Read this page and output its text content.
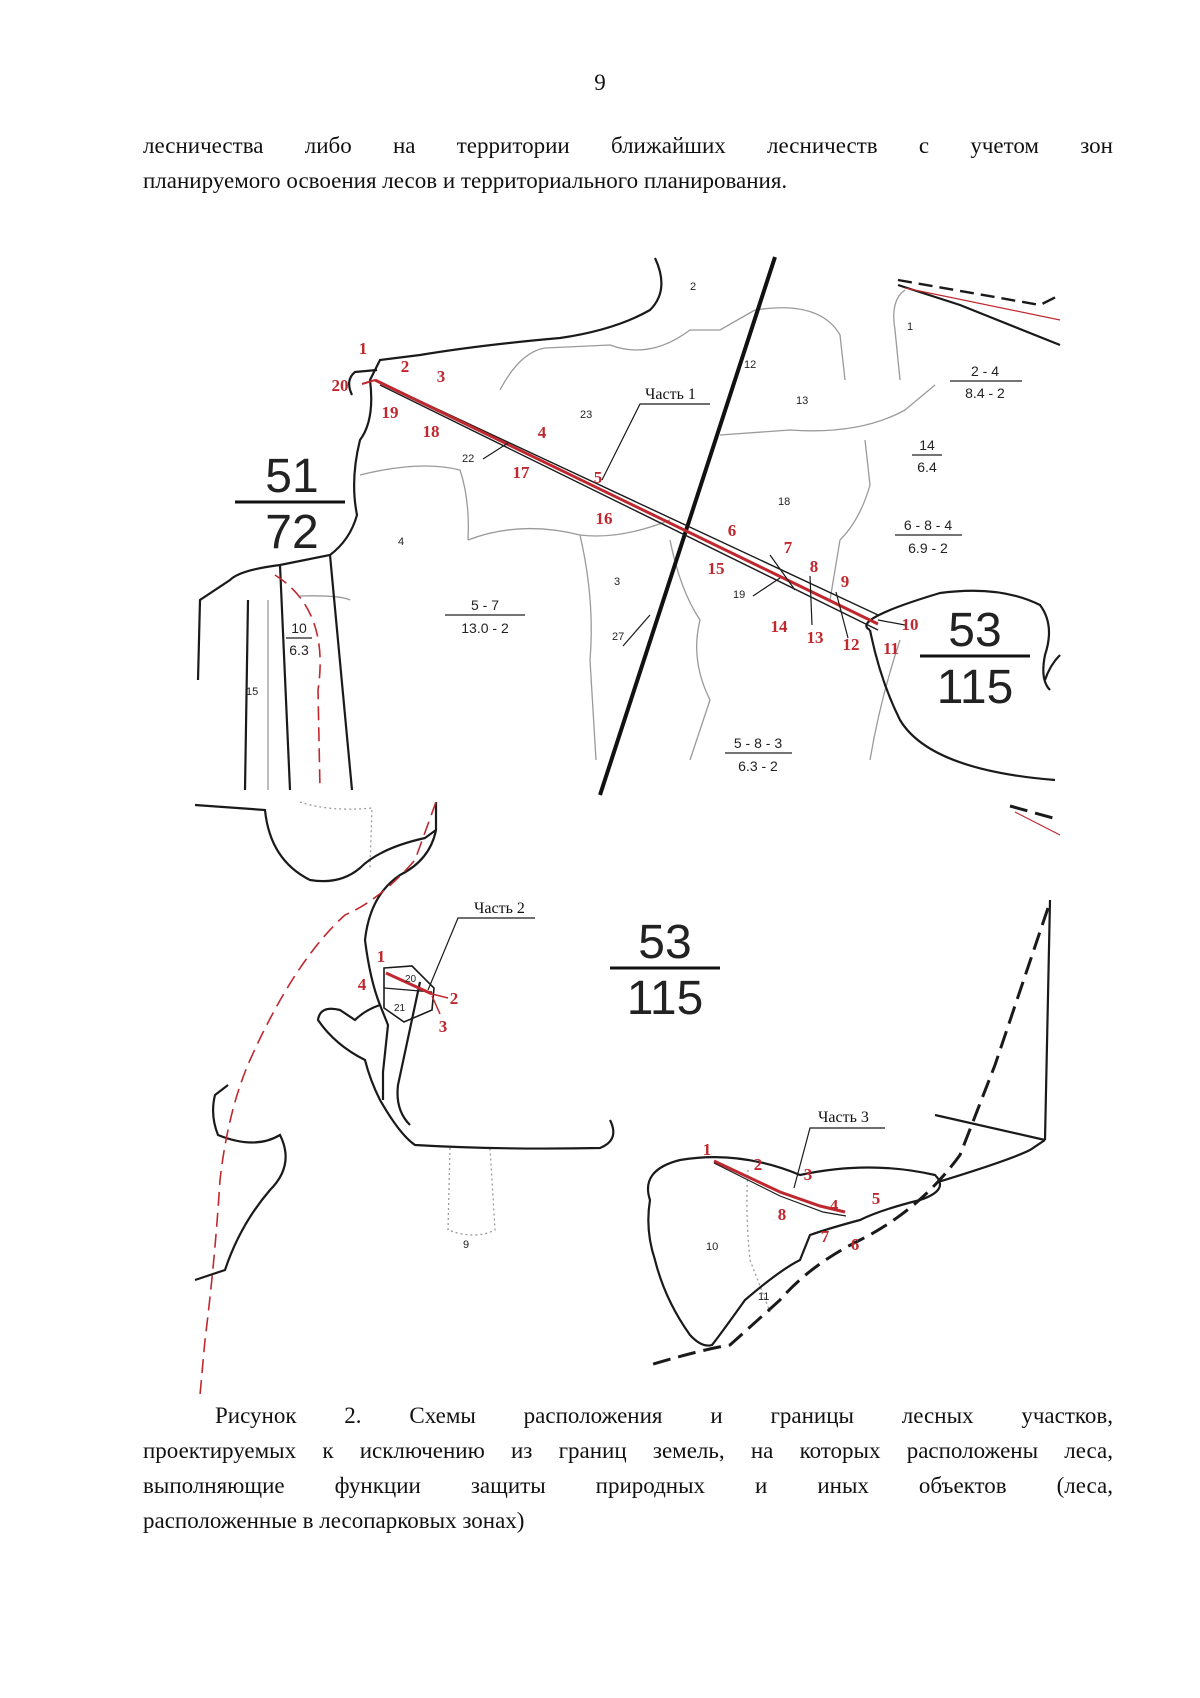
9
лесничества либо на территории ближайших лесничеств с учетом зон
планируемого освоения лесов и территориального планирования.
51
72
53
115
Часть 1
2
1
12
13
23
22
4
3
18
19
27
15
2 - 4
8.4 - 2
14
6.4
6 - 8 - 4
6.9 - 2
5 - 7
13.0 - 2
10
6.3
5 - 8 - 3
6.3 - 2
1
2
3
4
5
6
7
8
9
10
11
12
13
14
15
16
17
18
19
20
20
21
10
11
9
53
115
Часть 2
Часть 3
1
2
3
4
1
2
3
4 5
6
7
8
Рисунок 2. Схемы расположения и границы лесных участков,
проектируемых к исключению из границ земель, на которых расположены леса,
выполняющие функции защиты природных и иных объектов (леса,
расположенные в лесопарковых зонах)
